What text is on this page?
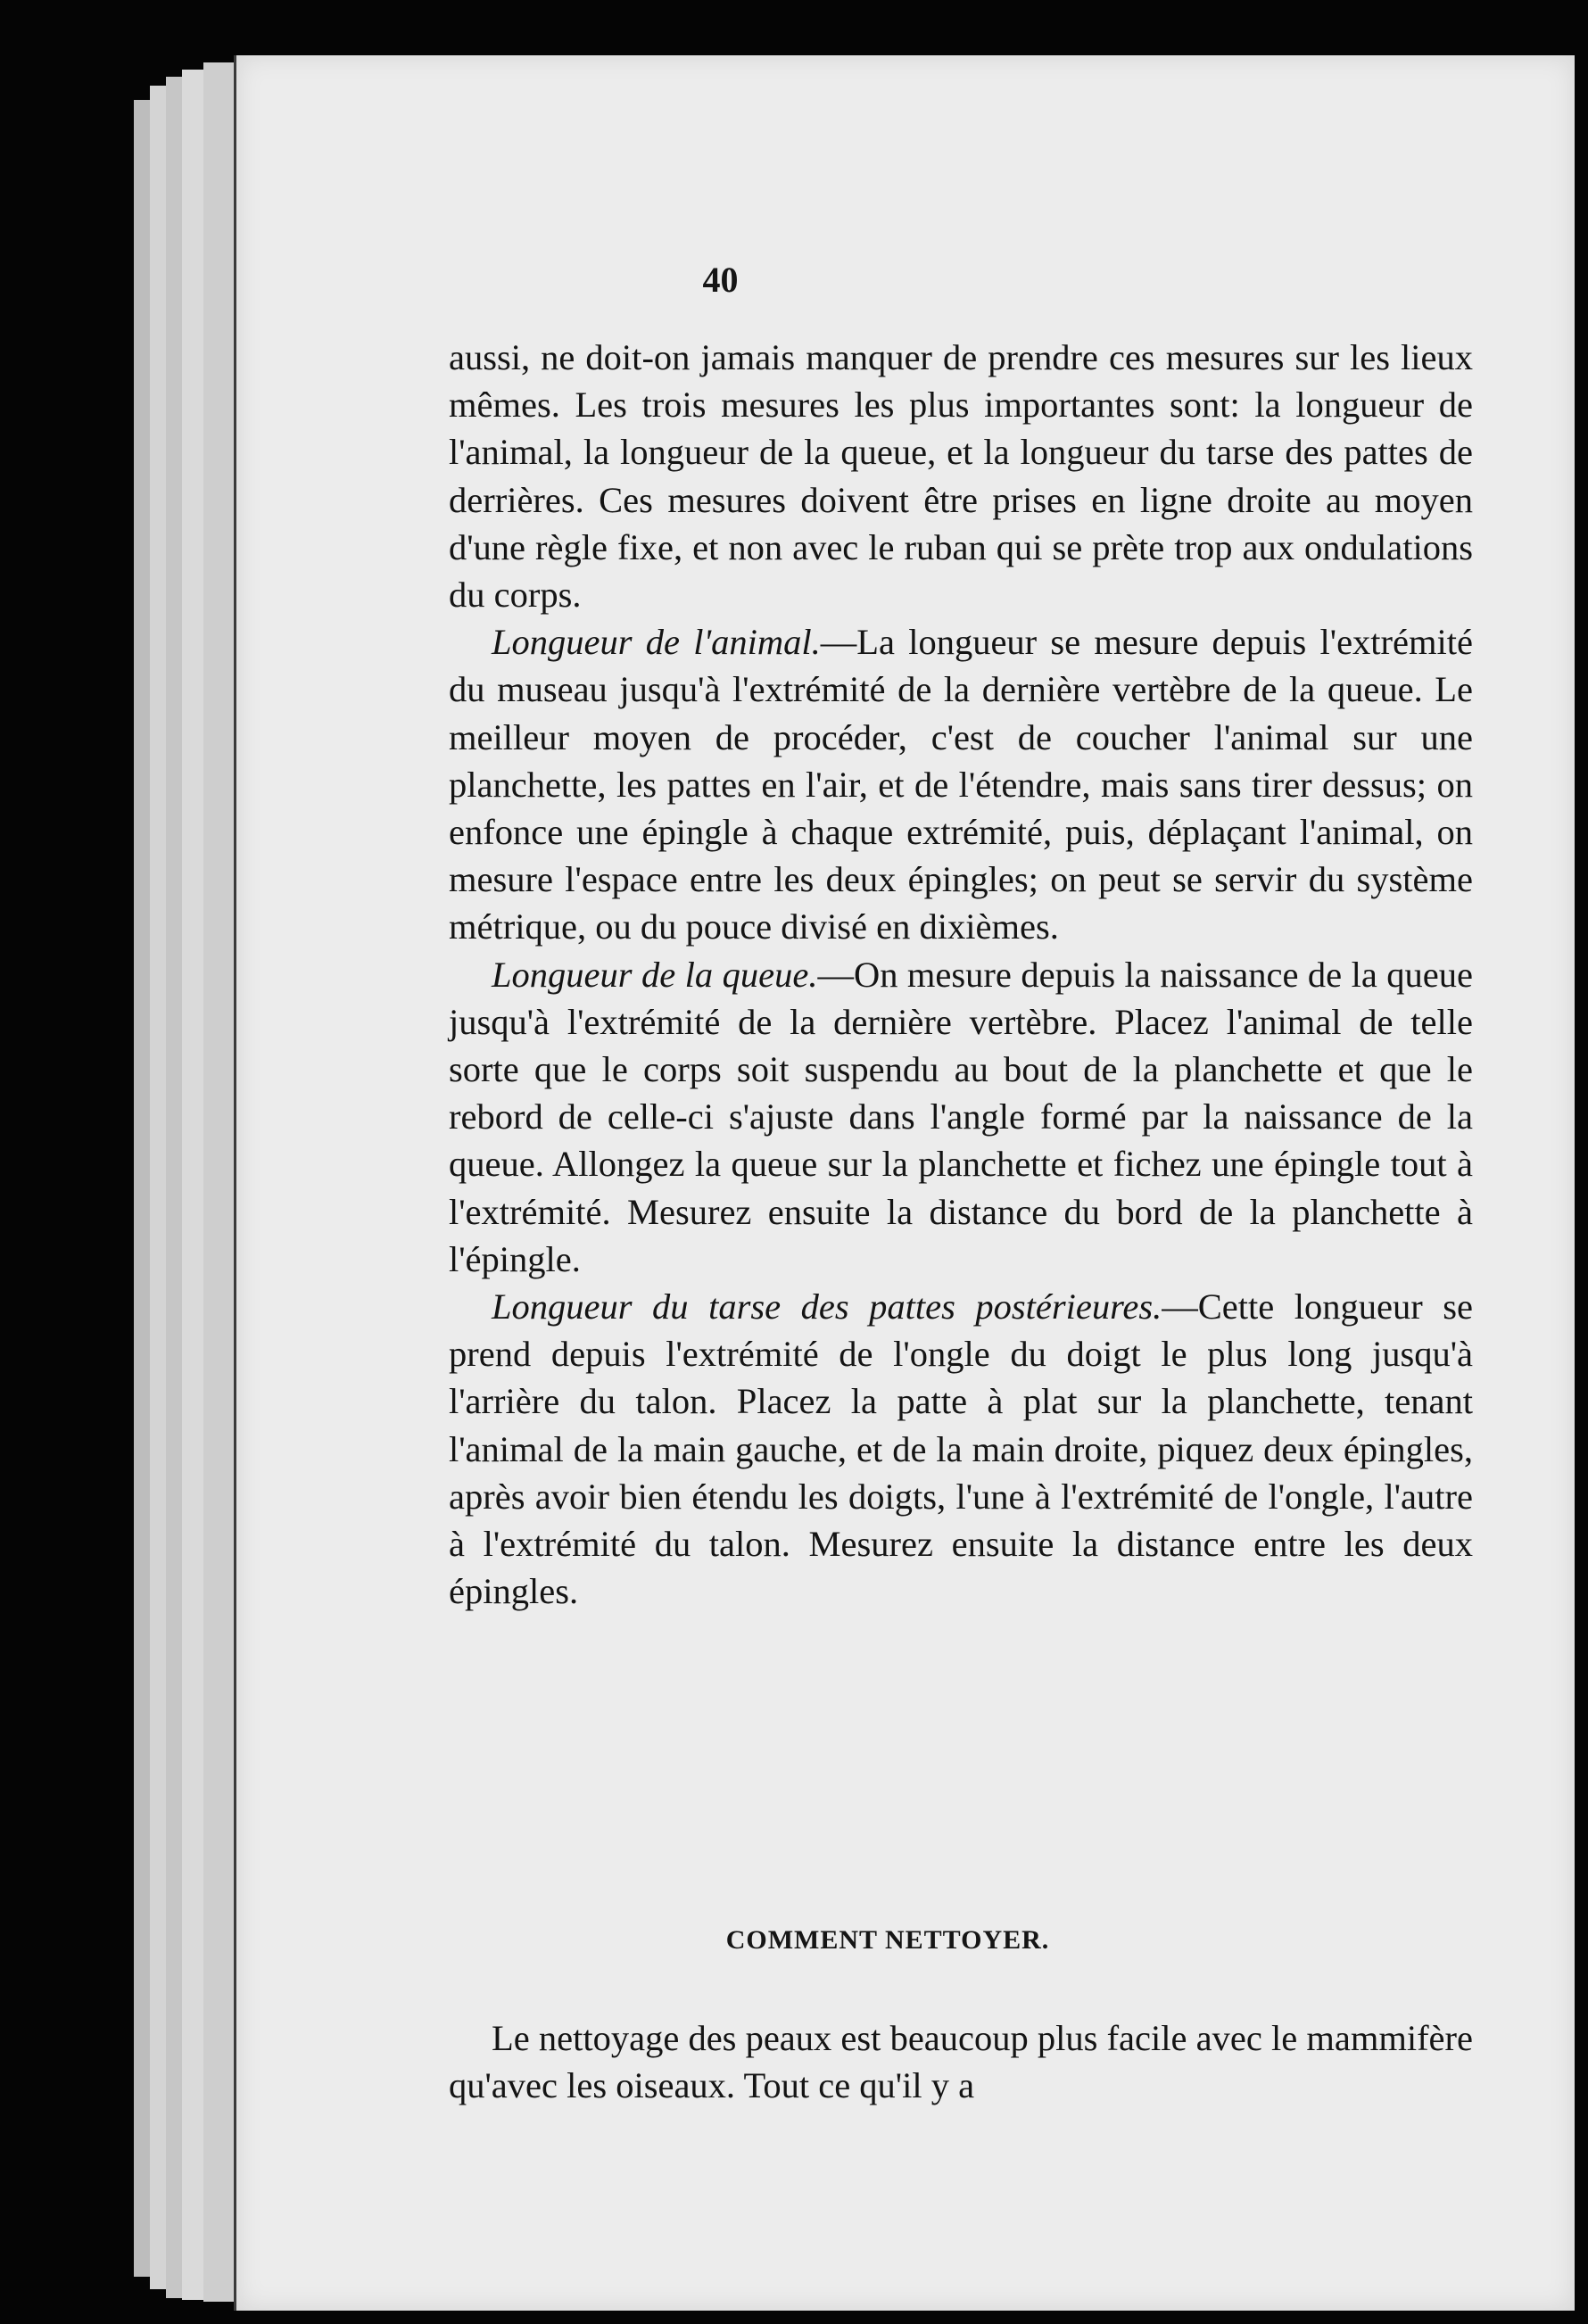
40

aussi, ne doit-on jamais manquer de prendre ces mesures sur les lieux mêmes. Les trois mesures les plus importantes sont: la longueur de l'animal, la longueur de la queue, et la longueur du tarse des pattes de derrières. Ces mesures doivent être prises en ligne droite au moyen d'une règle fixe, et non avec le ruban qui se prète trop aux ondulations du corps.

Longueur de l'animal.—La longueur se mesure depuis l'extrémité du museau jusqu'à l'extrémité de la dernière vertèbre de la queue. Le meilleur moyen de procéder, c'est de coucher l'animal sur une planchette, les pattes en l'air, et de l'étendre, mais sans tirer dessus; on enfonce une épingle à chaque extrémité, puis, déplaçant l'animal, on mesure l'espace entre les deux épingles; on peut se servir du système métrique, ou du pouce divisé en dixièmes.

Longueur de la queue.—On mesure depuis la naissance de la queue jusqu'à l'extrémité de la dernière vertèbre. Placez l'animal de telle sorte que le corps soit suspendu au bout de la planchette et que le rebord de celle-ci s'ajuste dans l'angle formé par la naissance de la queue. Allongez la queue sur la planchette et fichez une épingle tout à l'extrémité. Mesurez ensuite la distance du bord de la planchette à l'épingle.

Longueur du tarse des pattes postérieures.—Cette longueur se prend depuis l'extrémité de l'ongle du doigt le plus long jusqu'à l'arrière du talon. Placez la patte à plat sur la planchette, tenant l'animal de la main gauche, et de la main droite, piquez deux épingles, après avoir bien étendu les doigts, l'une à l'extrémité de l'ongle, l'autre à l'extrémité du talon. Mesurez ensuite la distance entre les deux épingles.

COMMENT NETTOYER.

Le nettoyage des peaux est beaucoup plus facile avec le mammifère qu'avec les oiseaux. Tout ce qu'il y a
